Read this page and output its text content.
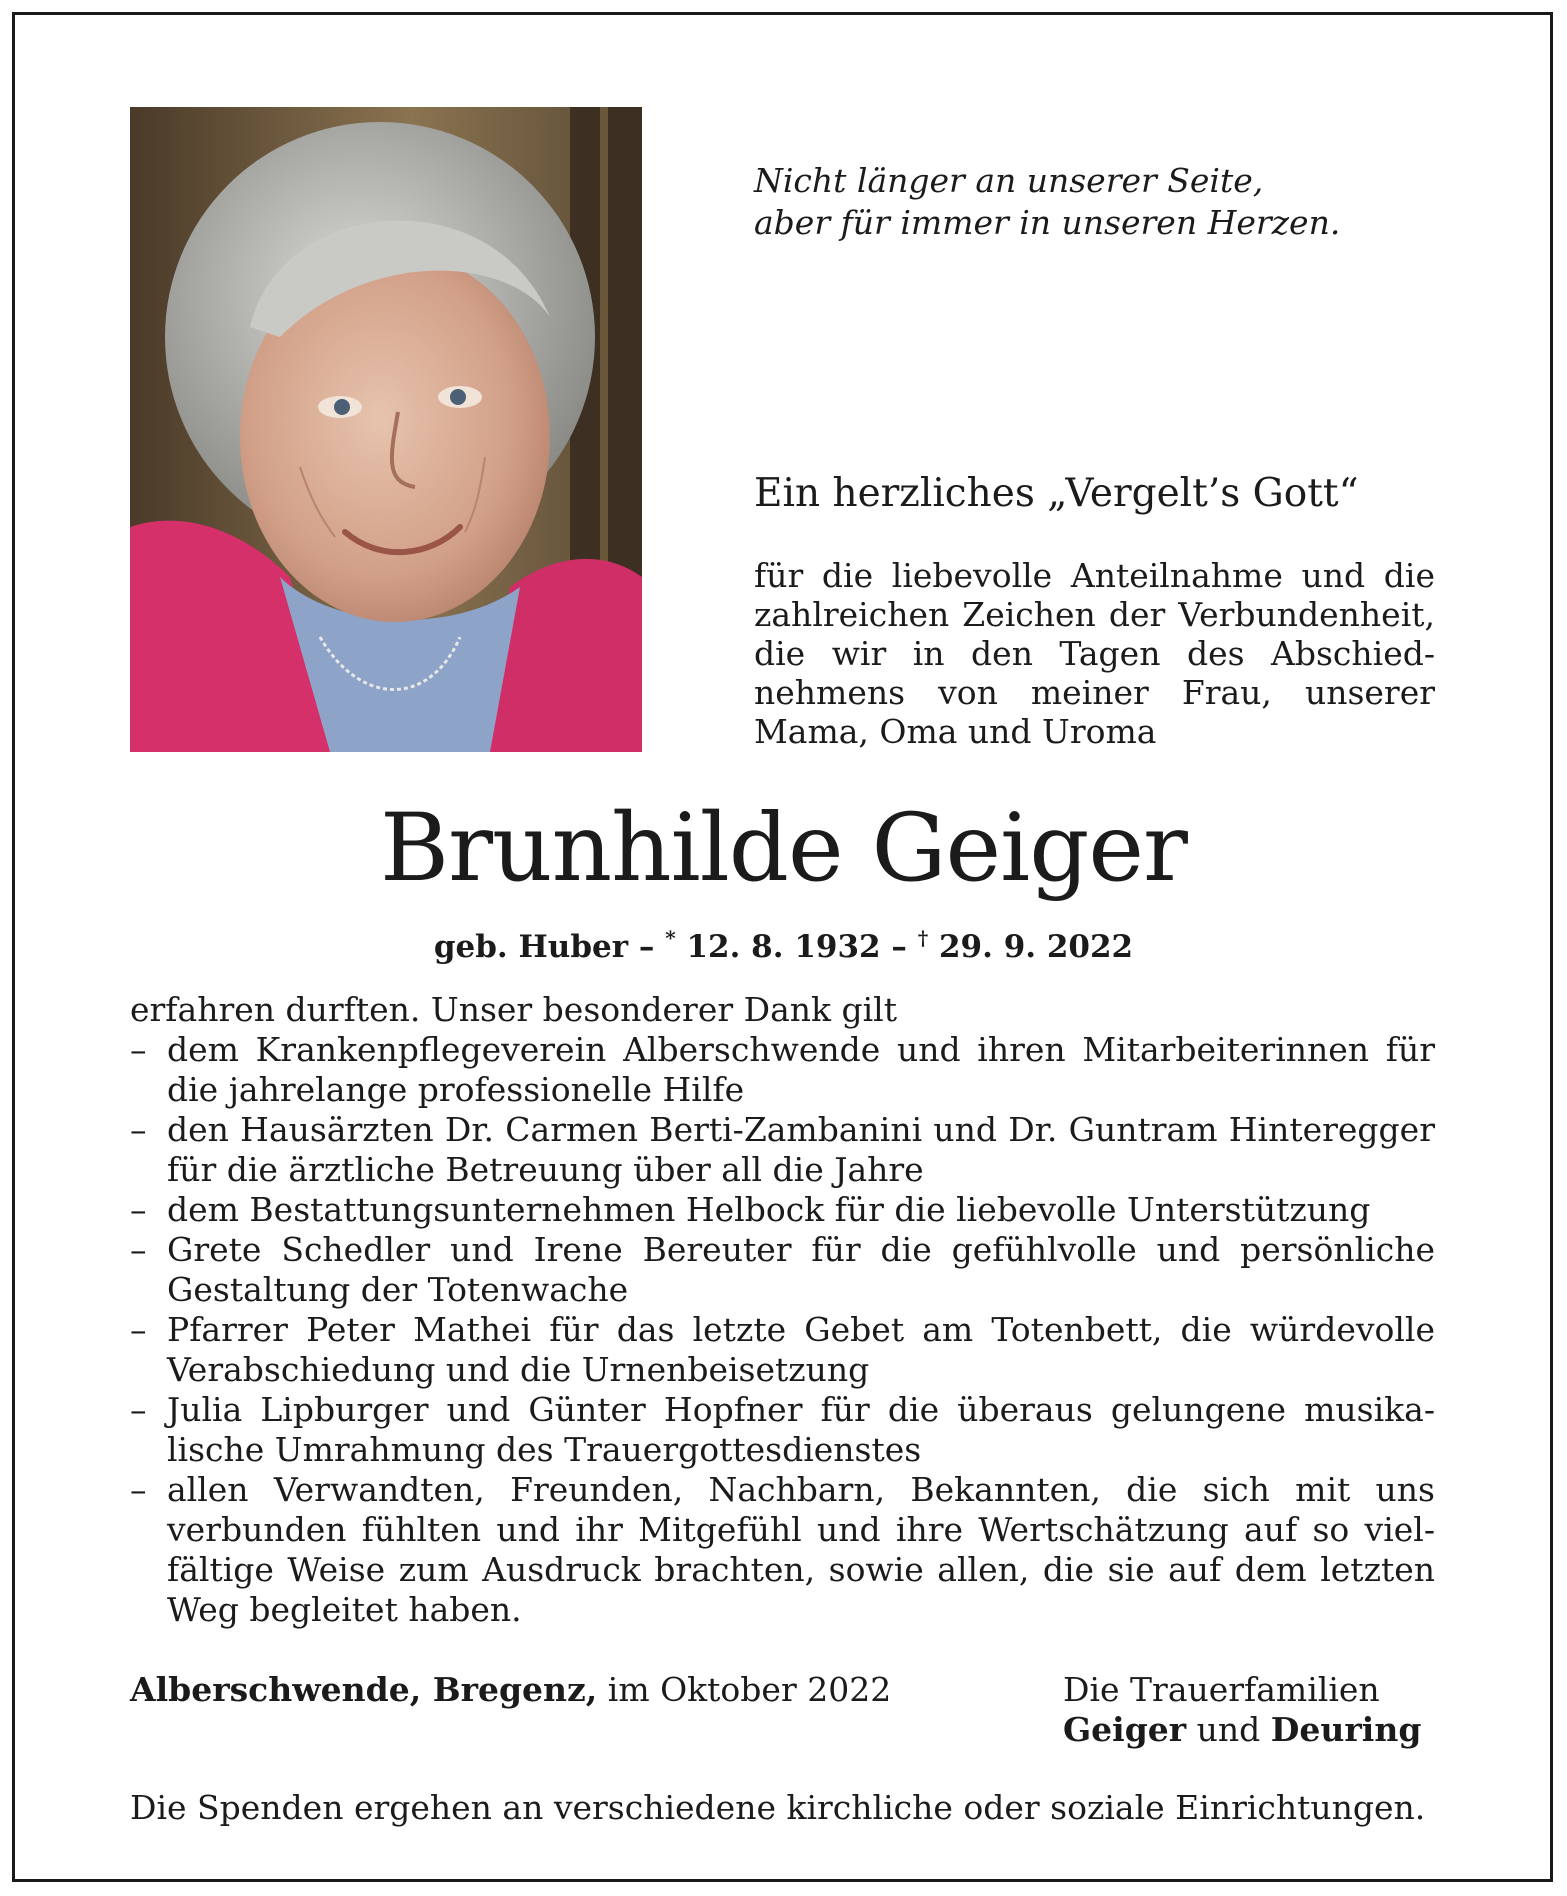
Nicht länger an unserer Seite,
aber für immer in unseren Herzen.
Ein herzliches „Vergelt’s Gott“
für die liebevolle Anteilnahme und die zahlreichen Zeichen der Verbundenheit, die wir in den Tagen des Abschiednehmens von meiner Frau, unserer Mama, Oma und Uroma
Brunhilde Geiger
geb. Huber – * 12. 8. 1932 – † 29. 9. 2022
erfahren durften. Unser besonderer Dank gilt
– dem Krankenpflegeverein Alberschwende und ihren Mitarbeiterinnen für die jahrelange professionelle Hilfe
– den Hausärzten Dr. Carmen Berti-Zambanini und Dr. Guntram Hinteregger für die ärztliche Betreuung über all die Jahre
– dem Bestattungsunternehmen Helbock für die liebevolle Unterstützung
– Grete Schedler und Irene Bereuter für die gefühlvolle und persönliche Gestaltung der Totenwache
– Pfarrer Peter Mathei für das letzte Gebet am Totenbett, die würdevolle Verabschiedung und die Urnenbeisetzung
– Julia Lipburger und Günter Hopfner für die überaus gelungene musikalische Umrahmung des Trauergottesdienstes
– allen Verwandten, Freunden, Nachbarn, Bekannten, die sich mit uns verbunden fühlten und ihr Mitgefühl und ihre Wertschätzung auf so vielfältige Weise zum Ausdruck brachten, sowie allen, die sie auf dem letzten Weg begleitet haben.
Alberschwende, Bregenz, im Oktober 2022	Die Trauerfamilien
Geiger und Deuring
Die Spenden ergehen an verschiedene kirchliche oder soziale Einrichtungen.
